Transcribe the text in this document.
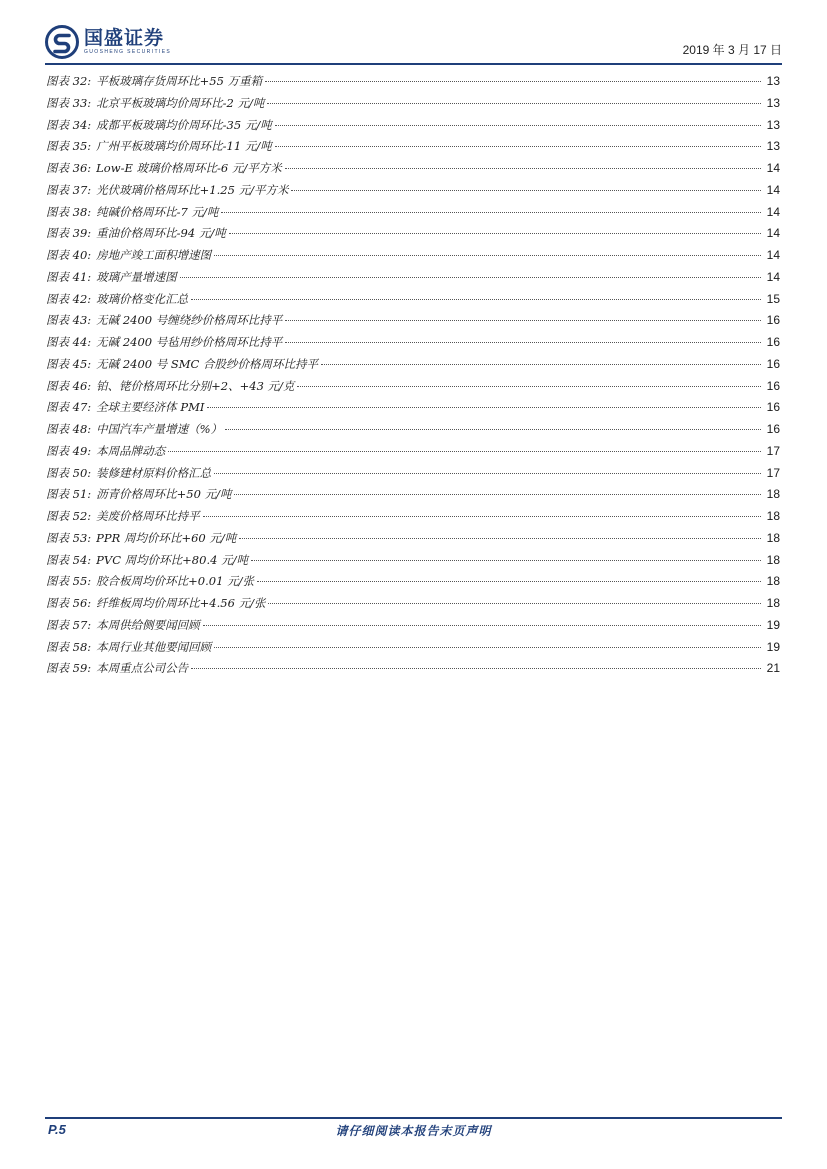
国盛证券
GUOSHENG SECURITIES	2019 年 3 月 17 日
图表 32: 平板玻璃存货周环比+55 万重箱	13
图表 33: 北京平板玻璃均价周环比-2 元/吨	13
图表 34: 成都平板玻璃均价周环比-35 元/吨	13
图表 35: 广州平板玻璃均价周环比-11 元/吨	13
图表 36: Low-E 玻璃价格周环比-6 元/平方米	14
图表 37: 光伏玻璃价格周环比+1.25 元/平方米	14
图表 38: 纯碱价格周环比-7 元/吨	14
图表 39: 重油价格周环比-94 元/吨	14
图表 40: 房地产竣工面积增速图	14
图表 41: 玻璃产量增速图	14
图表 42: 玻璃价格变化汇总	15
图表 43: 无碱 2400 号缠绕纱价格周环比持平	16
图表 44: 无碱 2400 号毡用纱价格周环比持平	16
图表 45: 无碱 2400 号 SMC 合股纱价格周环比持平	16
图表 46: 铂、铑价格周环比分别+2、+43 元/克	16
图表 47: 全球主要经济体 PMI	16
图表 48: 中国汽车产量增速（%）	16
图表 49: 本周品牌动态	17
图表 50: 装修建材原料价格汇总	17
图表 51: 沥青价格周环比+50 元/吨	18
图表 52: 美废价格周环比持平	18
图表 53: PPR 周均价环比+60 元/吨	18
图表 54: PVC 周均价环比+80.4 元/吨	18
图表 55: 胶合板周均价环比+0.01 元/张	18
图表 56: 纤维板周均价周环比+4.56 元/张	18
图表 57: 本周供给侧要闻回顾	19
图表 58: 本周行业其他要闻回顾	19
图表 59: 本周重点公司公告	21
P.5	请仔细阅读本报告末页声明
